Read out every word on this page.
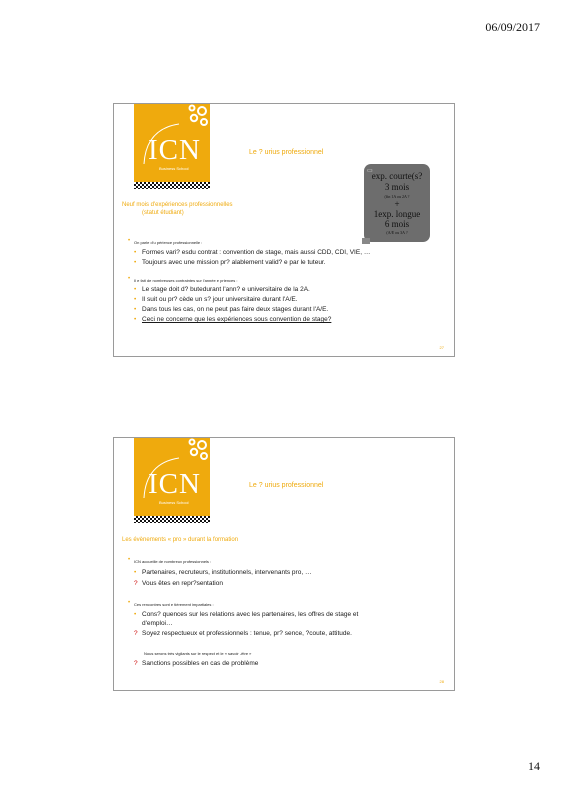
06/09/2017
ICN
Business School
Le ? urius professionnel
Neuf mois d'expériences professionnelles
(statut étudiant)
▭ exp. courte(s?
3 mois
(fin 1A ou 2A ?
+
1exp. longue
6 mois
(A/E ou 3A ?
• On parle d'u périence professionnelle :
• Formes vari? esdu contrat : convention de stage, mais aussi CDD, CDI, VIE, …
• Toujours avec une mission pr? alablement valid? e par le tuteur.
• Il e fait de nombreuses contraintes sur l'année e priences :
• Le stage doit d? butedurant l'ann? e universitaire de la 2A.
• Il suit ou pr? cède un s? jour universitaire durant l'A/E.
• Dans tous les cas, on ne peut pas faire deux stages durant l'A/E.
• Ceci ne concerne que les expériences sous convention de stage?
27
ICN
Business School
Le ? urius professionnel
Les évènements « pro » durant la formation
• ICN accueille de nombreux professionnels :
• Partenaires, recruteurs, institutionnels, intervenants pro, …
? Vous êtes en repr?sentation
• Ces rencontres sont e tièrement impartiales :
• Cons? quences sur les relations avec les partenaires, les offres de stage et
d'emploi…
? Soyez respectueux et professionnels : tenue, pr? sence, ?coute, attitude.
Nous serons très vigilants sur le respect et le « savoir -être »
? Sanctions possibles en cas de problème
28
14
